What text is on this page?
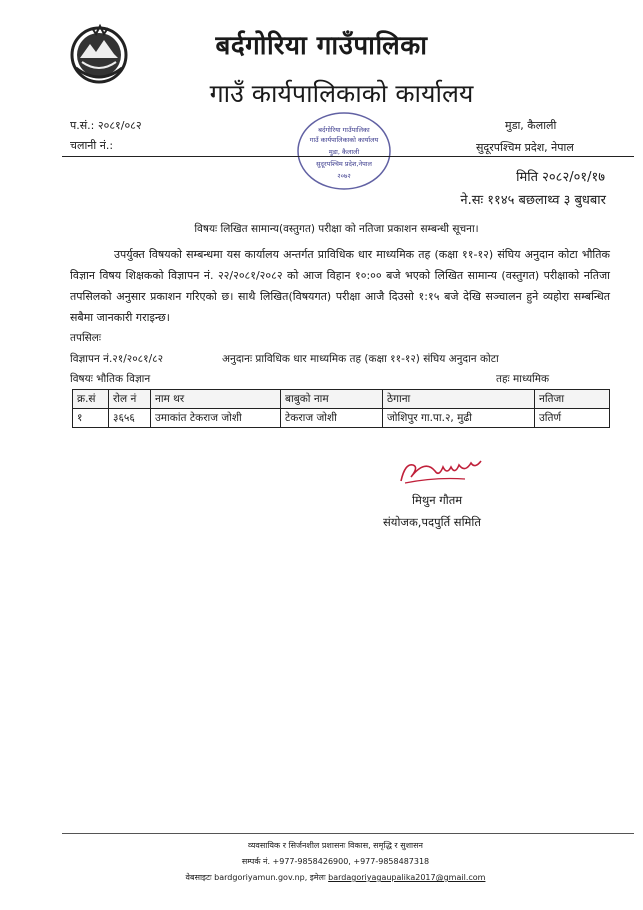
बर्दगोरिया गाउँपालिका
गाउँ कार्यपालिकाको कार्यालय
प.सं.: २०८१/०८२
चलानी नं.:
मुडा, कैलाली
सुदूरपश्चिम प्रदेश, नेपाल
बर्दगोरिया गाउँपालिका
गाउँ कार्यपालिकाको कार्यालय
मुडा, कैलाली
सुदूरपश्चिम प्रदेश,नेपाल
२०७२	मिति २०८२/०१/१७
ने.सः ११४५ बछलाथ्व ३ बुधबार
विषयः लिखित सामान्य(वस्तुगत) परीक्षा को नतिजा प्रकाशन सम्बन्धी सूचना।
उपर्युक्त विषयको सम्बन्धमा यस कार्यालय अन्तर्गत प्राविधिक धार माध्यमिक तह (कक्षा ११-१२) संघिय अनुदान कोटा भौतिक विज्ञान विषय शिक्षकको विज्ञापन नं. २२/२०८१/२०८२ को आज विहान १०:०० बजे भएको लिखित सामान्य (वस्तुगत) परीक्षाको नतिजा तपसिलको अनुसार प्रकाशन गरिएको छ। साथै लिखित(विषयगत) परीक्षा आजै दिउसो १:१५ बजे देखि सञ्चालन हुने व्यहोरा सम्बन्धित सबैमा जानकारी गराइन्छ।
तपसिलः
विज्ञापन नं.२१/२०८१/८२	अनुदानः प्राविधिक धार माध्यमिक तह (कक्षा ११-१२) संघिय अनुदान कोटा
विषयः भौतिक विज्ञान	तहः माध्यमिक
क्र.सं	रोल नं	नाम थर	बाबुको नाम	ठेगाना	नतिजा
१	३६५६	उमाकांत टेकराज जोशी	टेकराज जोशी	जोशिपुर गा.पा.२, मुढी	उतिर्ण
मिथुन गौतम
संयोजक,पदपुर्ति समिति
व्यवसायिक र सिर्जनशील प्रशासनः विकास, समृद्धि र सुशासन
सम्पर्क नं. +977-9858426900, +977-9858487318
वेबसाइटः bardgoriyamun.gov.np, इमेलः bardagoriyagaupalika2017@gmail.com
